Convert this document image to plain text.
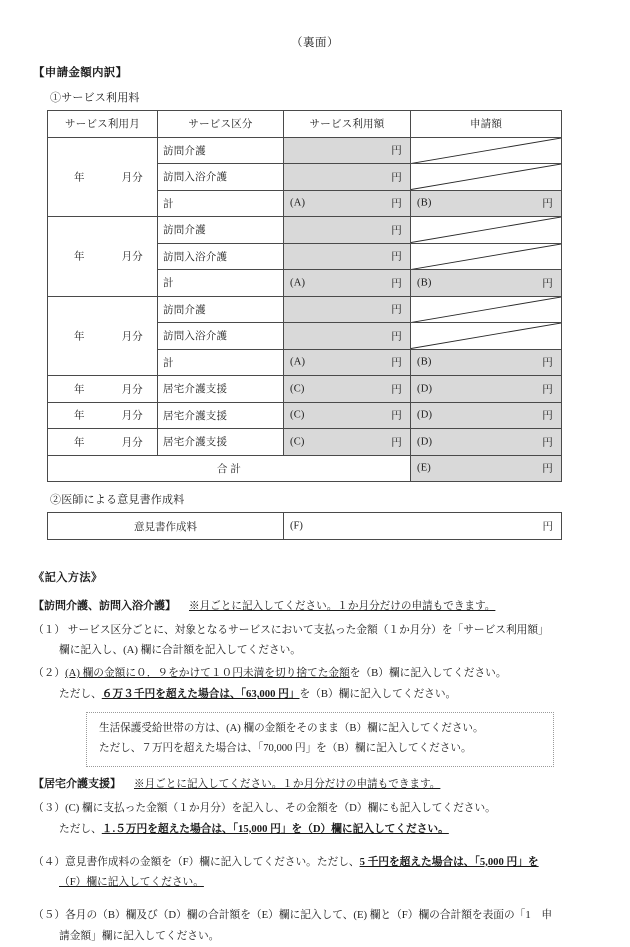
（裏面）
【申請金額内訳】
①サービス利用料
サービス利用月	サービス区分	サービス利用額	申請額

年 月分	訪問介護	円

	訪問入浴介護	円

	計	(A) 円	(B) 円

年 月分	訪問介護	円

	訪問入浴介護	円

	計	(A) 円	(B) 円

年 月分	訪問介護	円

	訪問入浴介護	円

	計	(A) 円	(B) 円

年 月分	居宅介護支援	(C) 円	(D) 円

年 月分	居宅介護支援	(C) 円	(D) 円

年 月分	居宅介護支援	(C) 円	(D) 円

合 計			(E) 円
②医師による意見書作成料
意見書作成料	(F)	円
《記入方法》
【訪問介護、訪問入浴介護】 ※月ごとに記入してください。１か月分だけの申請もできます。
（１） サービス区分ごとに、対象となるサービスにおいて支払った金額（１か月分）を「サービス利用額」
欄に記入し、(A) 欄に合計額を記入してください。
（２）(A) 欄の金額に０．９をかけて１０円未満を切り捨てた金額を（B）欄に記入してください。
ただし、６万３千円を超えた場合は、「63,000 円」を（B）欄に記入してください。
生活保護受給世帯の方は、(A) 欄の金額をそのまま（B）欄に記入してください。
ただし、７万円を超えた場合は、「70,000 円」を（B）欄に記入してください。
【居宅介護支援】 ※月ごとに記入してください。１か月分だけの申請もできます。
（３）(C) 欄に支払った金額（１か月分）を記入し、その金額を（D）欄にも記入してください。
ただし、１.５万円を超えた場合は、「15,000 円」を（D）欄に記入してください。
（４）意見書作成料の金額を（F）欄に記入してください。ただし、5 千円を超えた場合は、「5,000 円」を
（F）欄に記入してください。
（５）各月の（B）欄及び（D）欄の合計額を（E）欄に記入して、(E) 欄と（F）欄の合計額を表面の「1　申
請金額」欄に記入してください。
